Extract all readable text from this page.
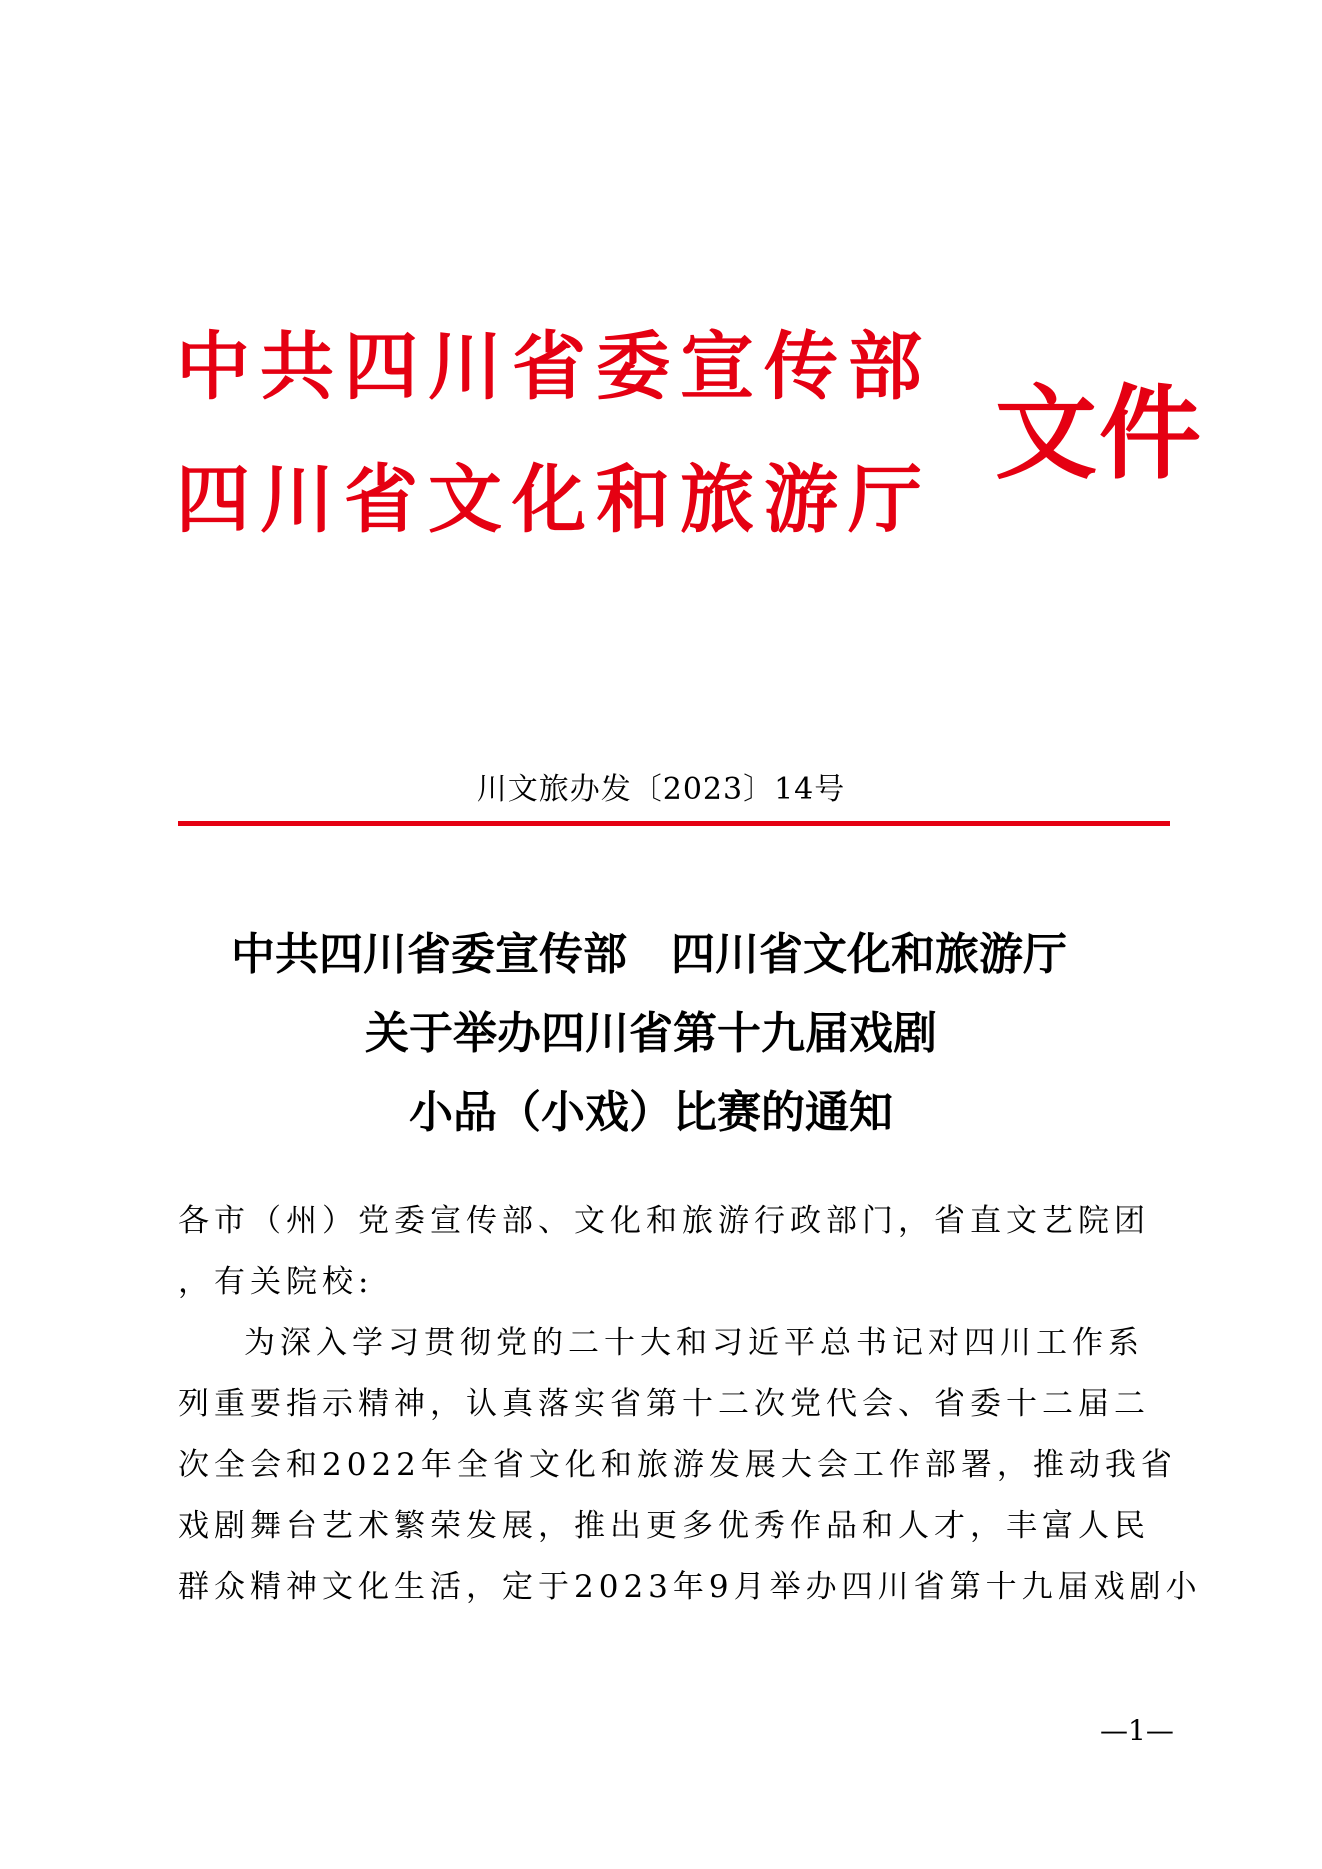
中共四川省委宣传部
四川省文化和旅游厅
文件
川文旅办发〔2023〕14号
中共四川省委宣传部　四川省文化和旅游厅
关于举办四川省第十九届戏剧
小品（小戏）比赛的通知
各市（州）党委宣传部、文化和旅游行政部门，省直文艺院团
，有关院校:
为深入学习贯彻党的二十大和习近平总书记对四川工作系
列重要指示精神，认真落实省第十二次党代会、省委十二届二
次全会和2022年全省文化和旅游发展大会工作部署，推动我省
戏剧舞台艺术繁荣发展，推出更多优秀作品和人才，丰富人民
群众精神文化生活，定于2023年9月举办四川省第十九届戏剧小
—1—
